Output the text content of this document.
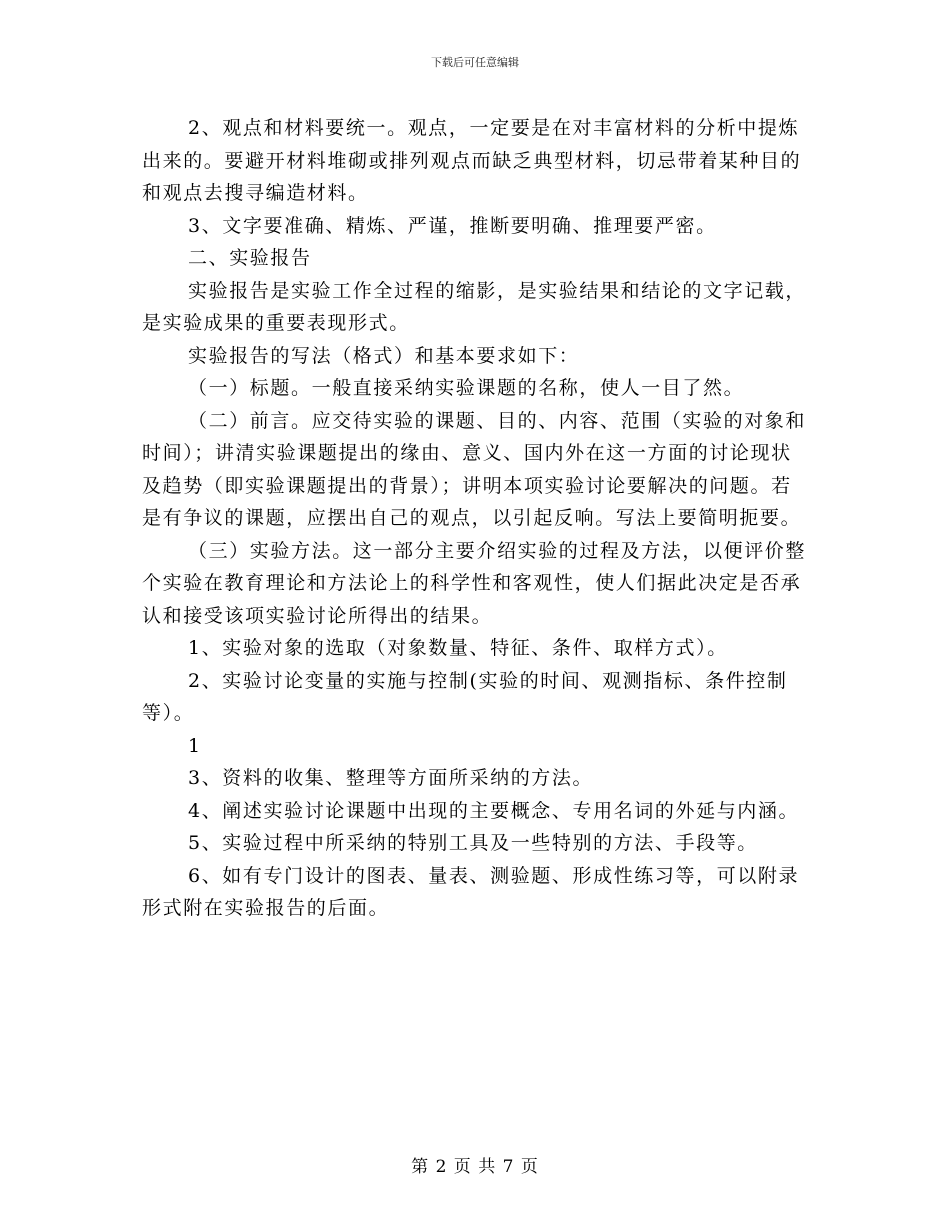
下载后可任意编辑

2、观点和材料要统一。观点，一定要是在对丰富材料的分析中提炼出来的。要避开材料堆砌或排列观点而缺乏典型材料，切忌带着某种目的和观点去搜寻编造材料。

3、文字要准确、精炼、严谨，推断要明确、推理要严密。

二、实验报告

实验报告是实验工作全过程的缩影，是实验结果和结论的文字记载，是实验成果的重要表现形式。

实验报告的写法（格式）和基本要求如下：

（一）标题。一般直接采纳实验课题的名称，使人一目了然。

（二）前言。应交待实验的课题、目的、内容、范围（实验的对象和时间）；讲清实验课题提出的缘由、意义、国内外在这一方面的讨论现状及趋势（即实验课题提出的背景）；讲明本项实验讨论要解决的问题。若是有争议的课题，应摆出自己的观点，以引起反响。写法上要简明扼要。

（三）实验方法。这一部分主要介绍实验的过程及方法，以便评价整个实验在教育理论和方法论上的科学性和客观性，使人们据此决定是否承认和接受该项实验讨论所得出的结果。

1、实验对象的选取（对象数量、特征、条件、取样方式）。

2、实验讨论变量的实施与控制(实验的时间、观测指标、条件控制等）。

1

3、资料的收集、整理等方面所采纳的方法。

4、阐述实验讨论课题中出现的主要概念、专用名词的外延与内涵。

5、实验过程中所采纳的特别工具及一些特别的方法、手段等。

6、如有专门设计的图表、量表、测验题、形成性练习等，可以附录形式附在实验报告的后面。

第 2 页 共 7 页
